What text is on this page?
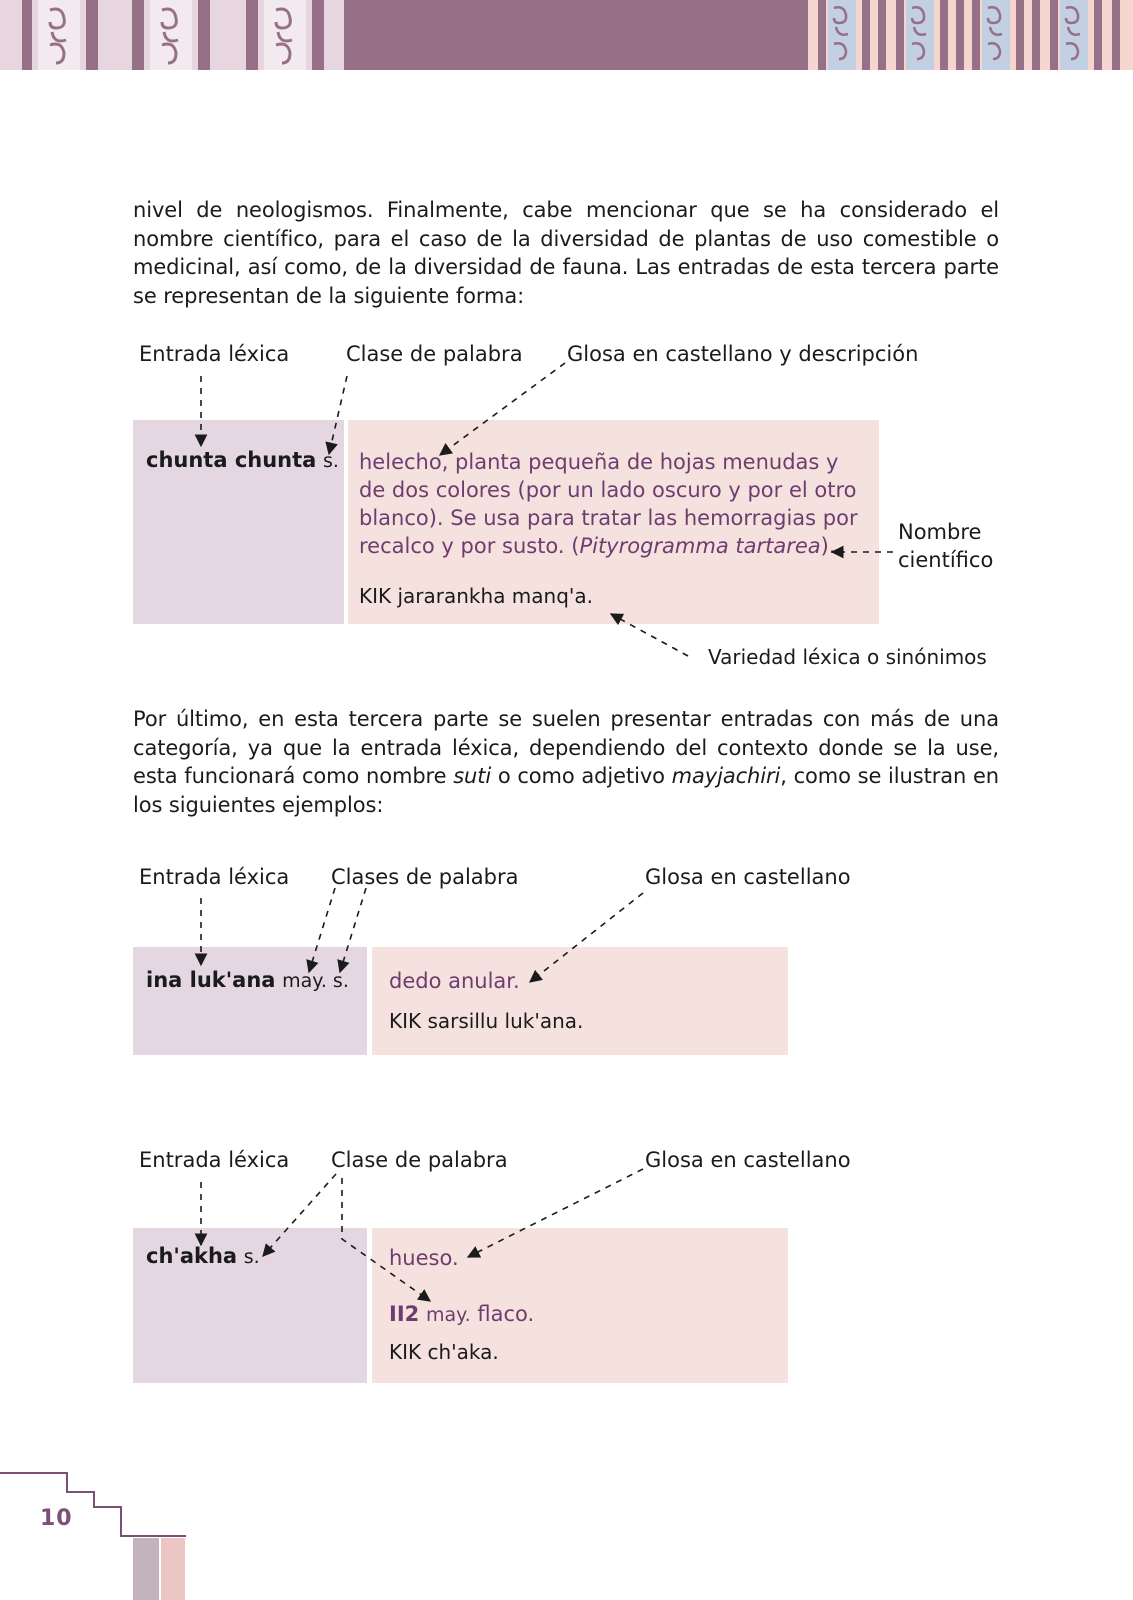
nivel de neologismos. Finalmente, cabe mencionar que se ha considerado el nombre científico, para el caso de la diversidad de plantas de uso comestible o medicinal, así como, de la diversidad de fauna. Las entradas de esta tercera parte se representan de la siguiente forma:
Entrada léxica	Clase de palabra Glosa en castellano y descripción
chunta chunta s. helecho, planta pequeña de hojas menudas y de dos colores (por un lado oscuro y por el otro blanco). Se usa para tratar las hemorragias por recalco y por susto. (Pityrogramma tartarea).
KIK jararankha manq'a.
Nombre
científico
Variedad léxica o sinónimos
Por último, en esta tercera parte se suelen presentar entradas con más de una categoría, ya que la entrada léxica, dependiendo del contexto donde se la use, esta funcionará como nombre suti o como adjetivo mayjachiri, como se ilustran en los siguientes ejemplos:
Entrada léxica Clases de palabra	Glosa en castellano
ina luk'ana may. s. dedo anular.
KIK sarsillu luk'ana.
Entrada léxica Clase de palabra	Glosa en castellano
ch'akha s.	hueso.
II2 may. flaco.
KIK ch'aka.
10
